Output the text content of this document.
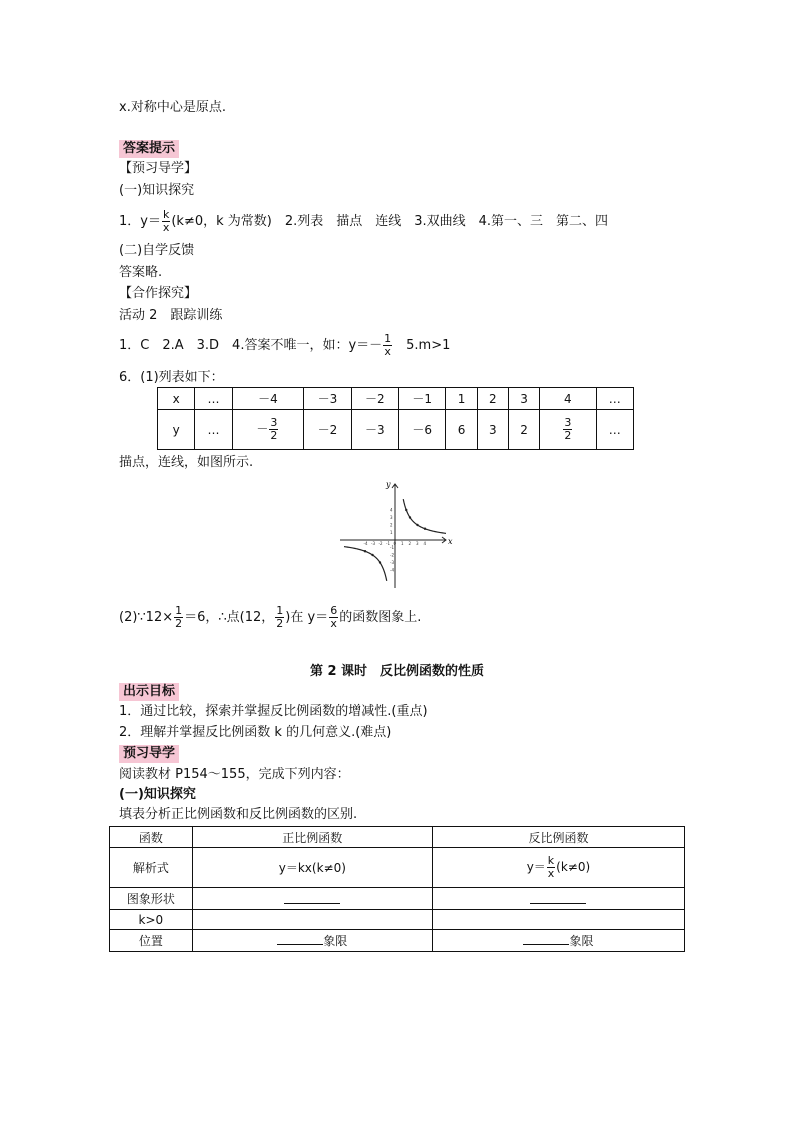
x.对称中心是原点.
答案提示
【预习导学】
(一)知识探究
1．$y= \frac{k}{x} (k\ne 0$，k 为常数)　2.列表　描点　连线　3.双曲线　4.第一、三　第二、四
(二)自学反馈
答案略.
【合作探究】
活动 2　跟踪训练
1．C　2.A　3.D　4.答案不唯一，如：$y=- \frac{1}{x}$ 　5.m>1
6．(1)列表如下：
x	…	－4	－3	－2	－1	1	2	3	4	…
y	…	－ $\frac{3}{2}$	－2	－3	－6	6	3	2	$\frac{3}{2}$	…
描点，连线，如图所示.
-4 -3 -2 -1 0 1 2 3 4
4
3
2
1
-1
-2
-3
-4
x
y
(2)∵12× $\frac{1}{2} =6$，∴点(12， $\frac{1}{2}$ )在 $y= \frac{6}{x}$ 的函数图象上.
第 2 课时　反比例函数的性质
出示目标
1．通过比较，探索并掌握反比例函数的增减性.(重点)
2．理解并掌握反比例函数 k 的几何意义.(难点)
预习导学
阅读教材 P154～155，完成下列内容：
(一)知识探究
填表分析正比例函数和反比例函数的区别.
函数	正比例函数	反比例函数
解析式	y＝kx(k≠0)	$y= \frac{k}{x} (k\ne 0)$
图象形状		
k>0		
位置	象限	象限
